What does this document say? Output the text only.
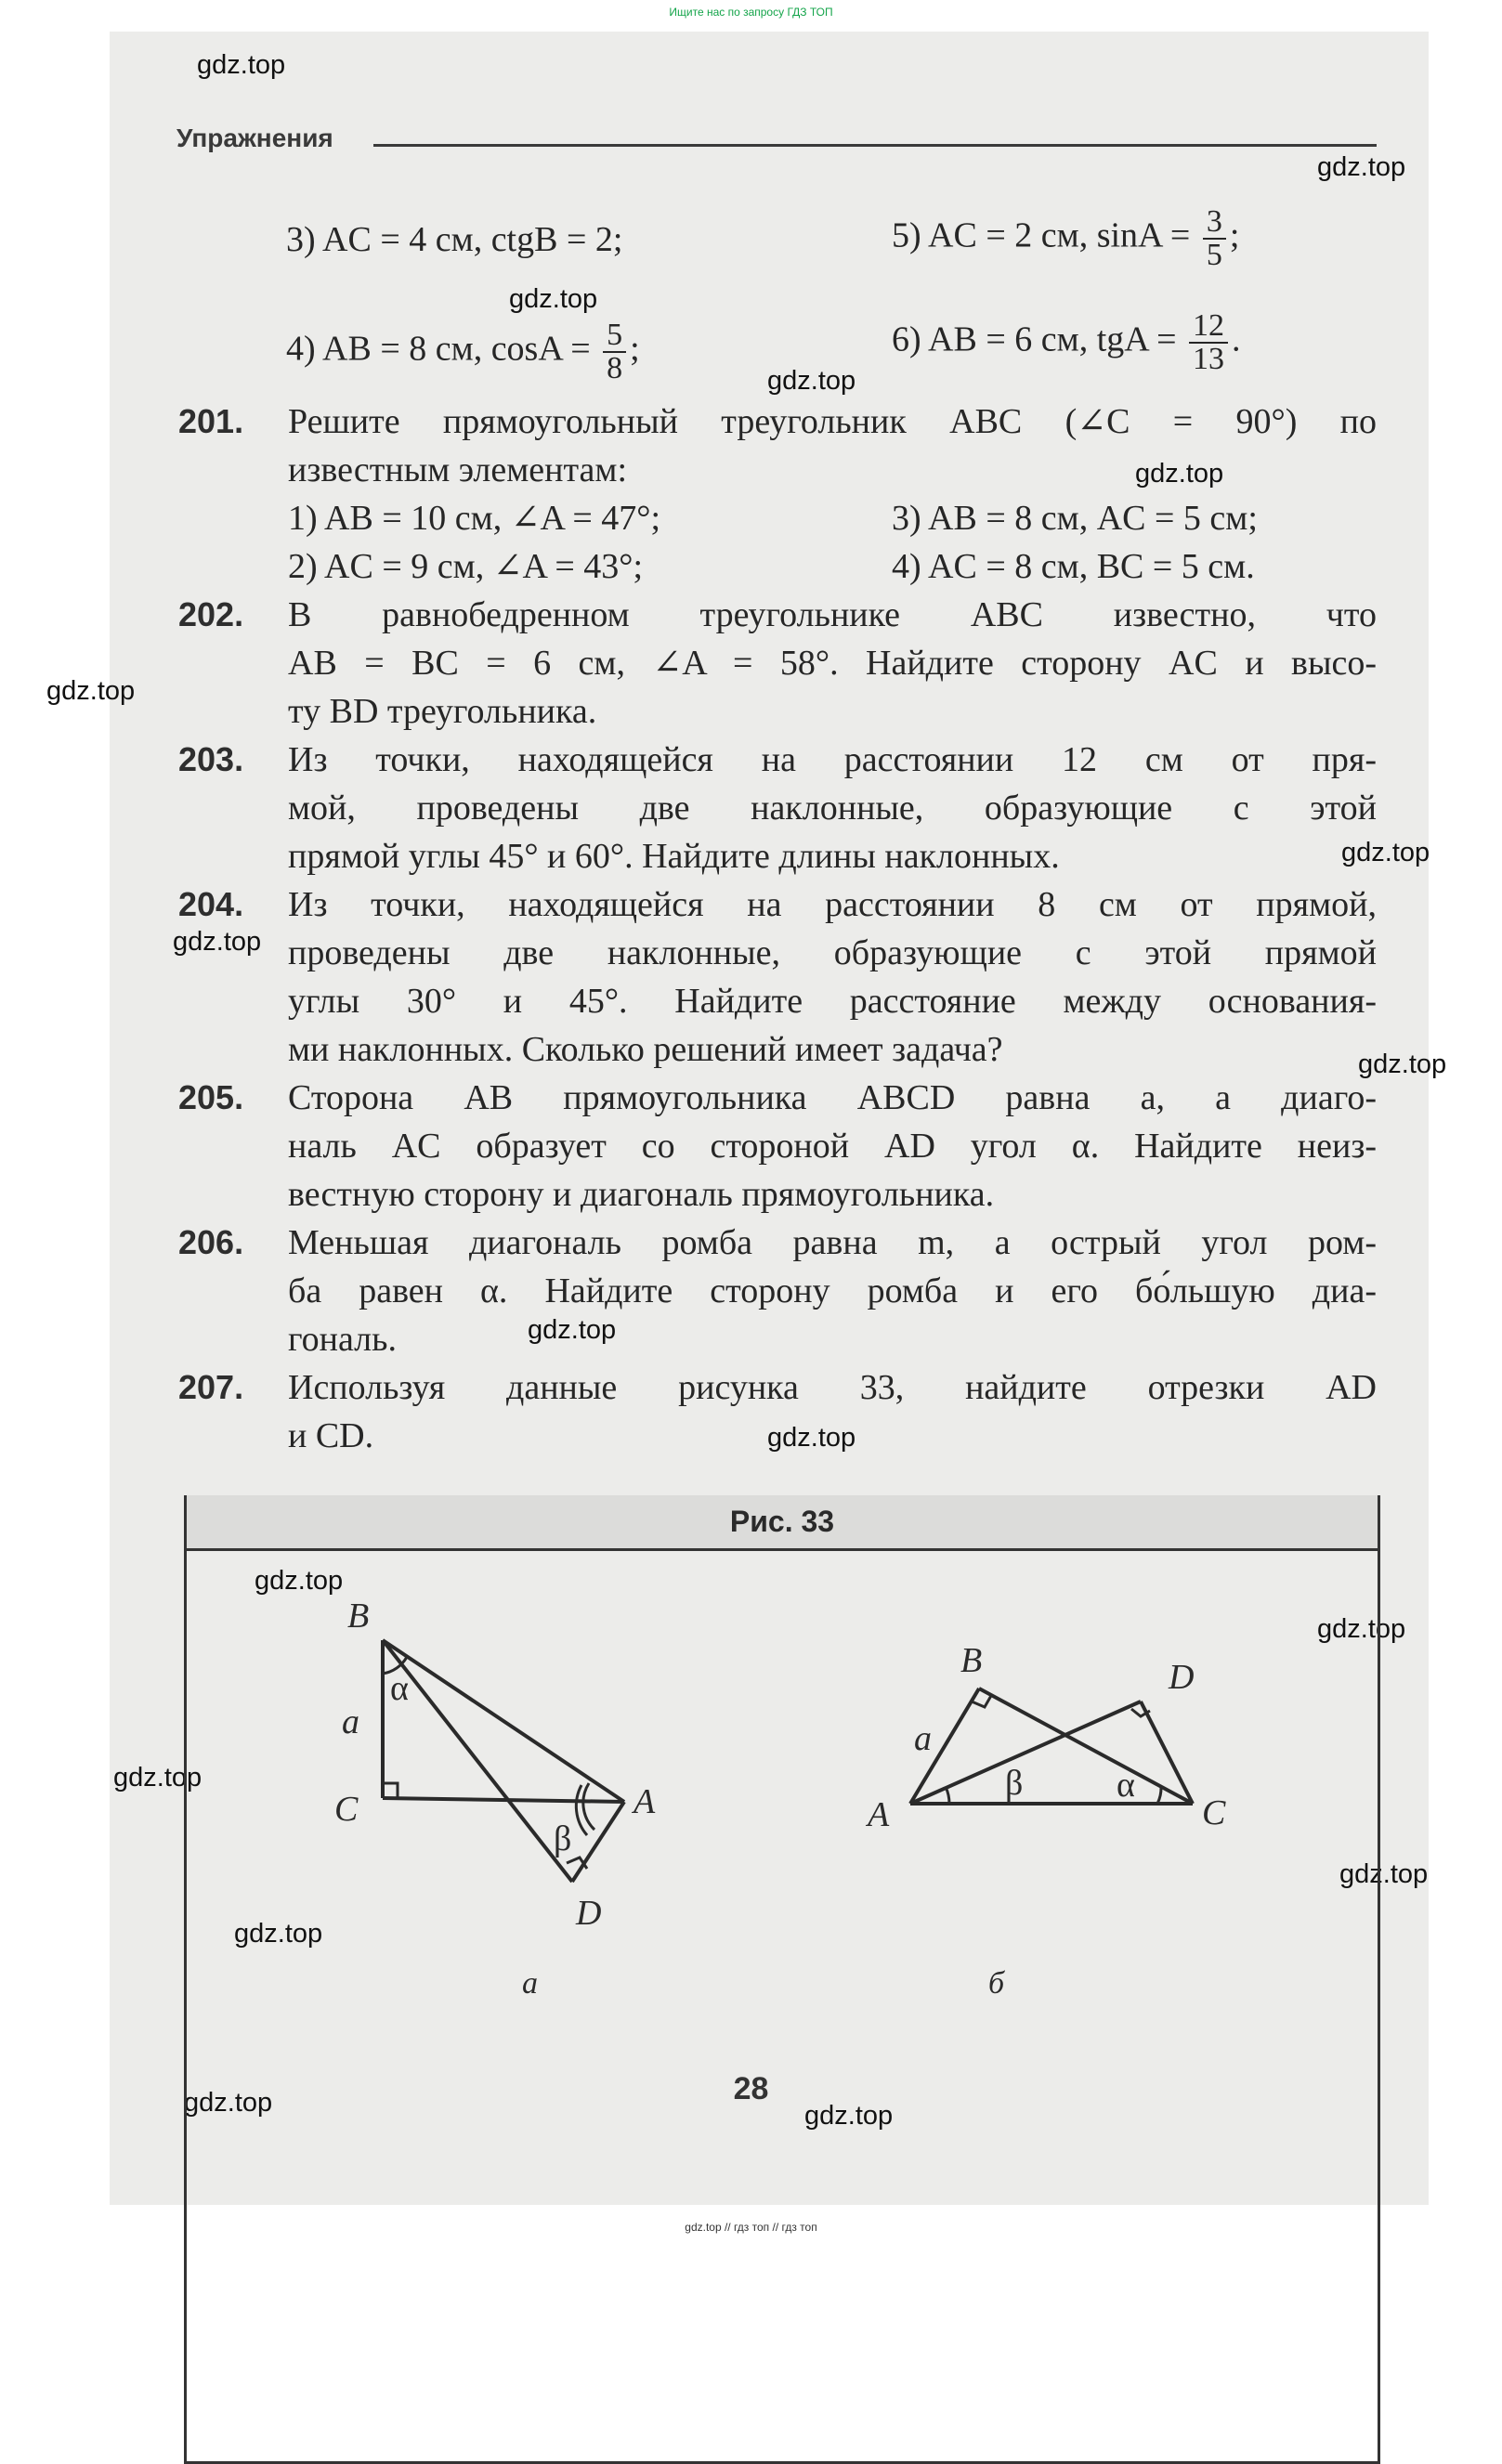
Ищите нас по запросу ГДЗ ТОП
gdz.top
gdz.top
gdz.top
gdz.top
gdz.top
gdz.top
gdz.top
gdz.top
gdz.top
gdz.top
gdz.top
gdz.top
gdz.top
gdz.top
gdz.top
gdz.top
gdz.top
gdz.top
Упражнения
3) AC = 4 см, ctgB = 2;	5) AC = 2 см, $\sin A = \frac{3}{5}$ ;
4) AB = 8 см, $\cos A = \frac{5}{8}$ ;	6) AB = 6 см, tgA = $\frac{12}{13}$ .
201. Решите прямоугольный треугольник ABC (∠C = 90°) по
известным элементам:
1) AB = 10 см, ∠A = 47°;	3) AB = 8 см, AC = 5 см;
2) AC = 9 см, ∠A = 43°;	4) AC = 8 см, BC = 5 см.
202. В равнобедренном треугольнике ABC известно, что
AB = BC = 6 см, ∠A = 58°. Найдите сторону AC и высо-
ту BD треугольника.
203. Из точки, находящейся на расстоянии 12 см от пря-
мой, проведены две наклонные, образующие с этой
прямой углы 45° и 60°. Найдите длины наклонных.
204. Из точки, находящейся на расстоянии 8 см от прямой,
проведены две наклонные, образующие с этой прямой
углы 30° и 45°. Найдите расстояние между основания-
ми наклонных. Сколько решений имеет задача?
205. Сторона AB прямоугольника ABCD равна a, а диаго-
наль AC образует со стороной AD угол α. Найдите неиз-
вестную сторону и диагональ прямоугольника.
206. Меньшая диагональ ромба равна m, а острый угол ром-
ба равен α. Найдите сторону ромба и его бо́льшую диа-
гональ.
207. Используя данные рисунка 33, найдите отрезки AD
и CD.
Рис. 33
B
C	A
D
a
α
β
B	D
A	C
a
α
β
а	б
28
gdz.top // гдз топ // гдз топ
